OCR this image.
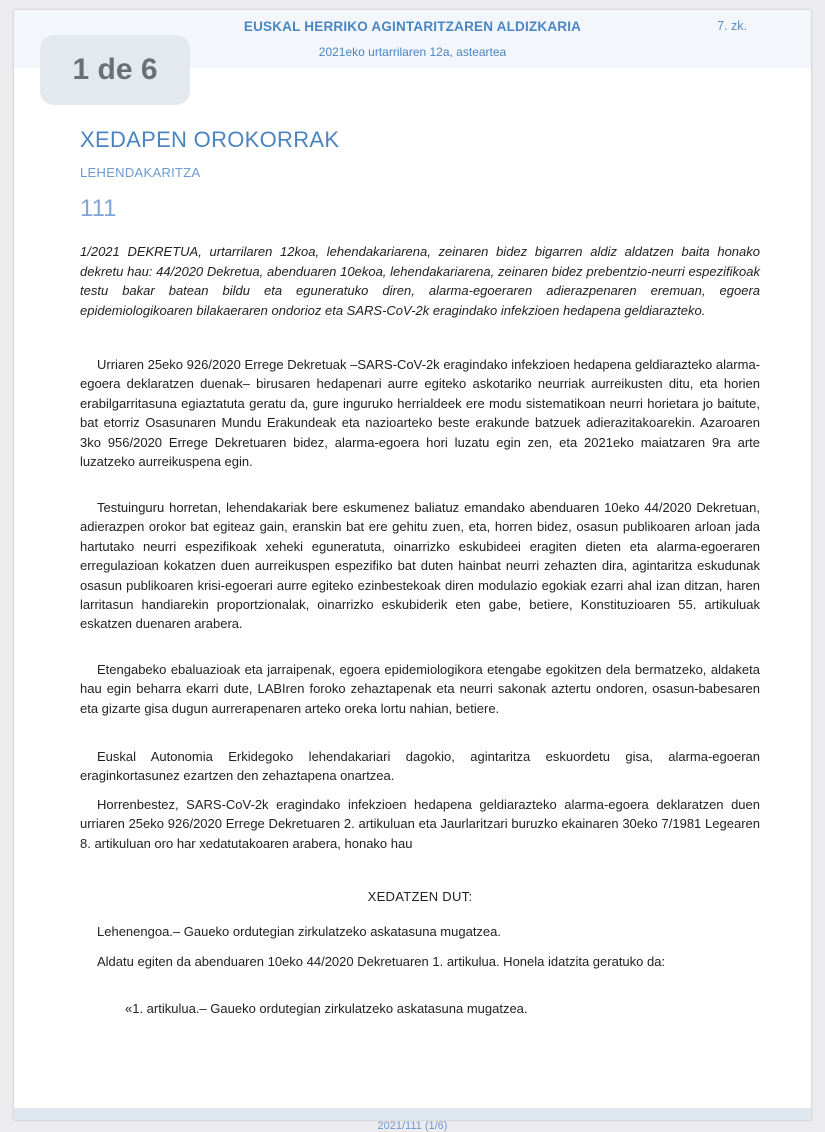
EUSKAL HERRIKO AGINTARITZAREN ALDIZKARIA	7. zk.
2021eko urtarrilaren 12a, asteartea
XEDAPEN OROKORRAK
LEHENDAKARITZA
111
1/2021 DEKRETUA, urtarrilaren 12koa, lehendakariarena, zeinaren bidez bigarren aldiz aldatzen baita honako dekretu hau: 44/2020 Dekretua, abenduaren 10ekoa, lehendakariarena, zeinaren bidez prebentzio-neurri espezifikoak testu bakar batean bildu eta eguneratuko diren, alarma-egoeraren adierazpenaren eremuan, egoera epidemiologikoaren bilakaeraren ondorioz eta SARS-CoV-2k eragindako infekzioen hedapena geldiarazteko.
Urriaren 25eko 926/2020 Errege Dekretuak –SARS-CoV-2k eragindako infekzioen hedapena geldiarazteko alarma-egoera deklaratzen duenak– birusaren hedapenari aurre egiteko askotariko neurriak aurreikusten ditu, eta horien erabilgarritasuna egiaztatuta geratu da, gure inguruko herrialdeek ere modu sistematikoan neurri horietara jo baitute, bat etorriz Osasunaren Mundu Erakundeak eta nazioarteko beste erakunde batzuek adierazitakoarekin. Azaroaren 3ko 956/2020 Errege Dekretuaren bidez, alarma-egoera hori luzatu egin zen, eta 2021eko maiatzaren 9ra arte luzatzeko aurreikuspena egin.
Testuinguru horretan, lehendakariak bere eskumenez baliatuz emandako abenduaren 10eko 44/2020 Dekretuan, adierazpen orokor bat egiteaz gain, eranskin bat ere gehitu zuen, eta, horren bidez, osasun publikoaren arloan jada hartutako neurri espezifikoak xeheki eguneratuta, oinarrizko eskubideei eragiten dieten eta alarma-egoeraren erregulazioan kokatzen duen aurreikuspen espezifiko bat duten hainbat neurri zehazten dira, agintaritza eskudunak osasun publikoaren krisi-egoerari aurre egiteko ezinbestekoak diren modulazio egokiak ezarri ahal izan ditzan, haren larritasun handiarekin proportzionalak, oinarrizko eskubiderik eten gabe, betiere, Konstituzioaren 55. artikuluak eskatzen duenaren arabera.
Etengabeko ebaluazioak eta jarraipenak, egoera epidemiologikora etengabe egokitzen dela bermatzeko, aldaketa hau egin beharra ekarri dute, LABIren foroko zehaztapenak eta neurri sakonak aztertu ondoren, osasun-babesaren eta gizarte gisa dugun aurrerapenaren arteko oreka lortu nahian, betiere.
Euskal Autonomia Erkidegoko lehendakariari dagokio, agintaritza eskuordetu gisa, alarma-egoeran eraginkortasunez ezartzen den zehaztapena onartzea.
Horrenbestez, SARS-CoV-2k eragindako infekzioen hedapena geldiarazteko alarma-egoera deklaratzen duen urriaren 25eko 926/2020 Errege Dekretuaren 2. artikuluan eta Jaurlaritzari buruzko ekainaren 30eko 7/1981 Legearen 8. artikuluan oro har xedatutakoaren arabera, honako hau
XEDATZEN DUT:
Lehenengoa.– Gaueko ordutegian zirkulatzeko askatasuna mugatzea.
Aldatu egiten da abenduaren 10eko 44/2020 Dekretuaren 1. artikulua. Honela idatzita geratuko da:
«1. artikulua.– Gaueko ordutegian zirkulatzeko askatasuna mugatzea.
2021/111 (1/6)
1 de 6
